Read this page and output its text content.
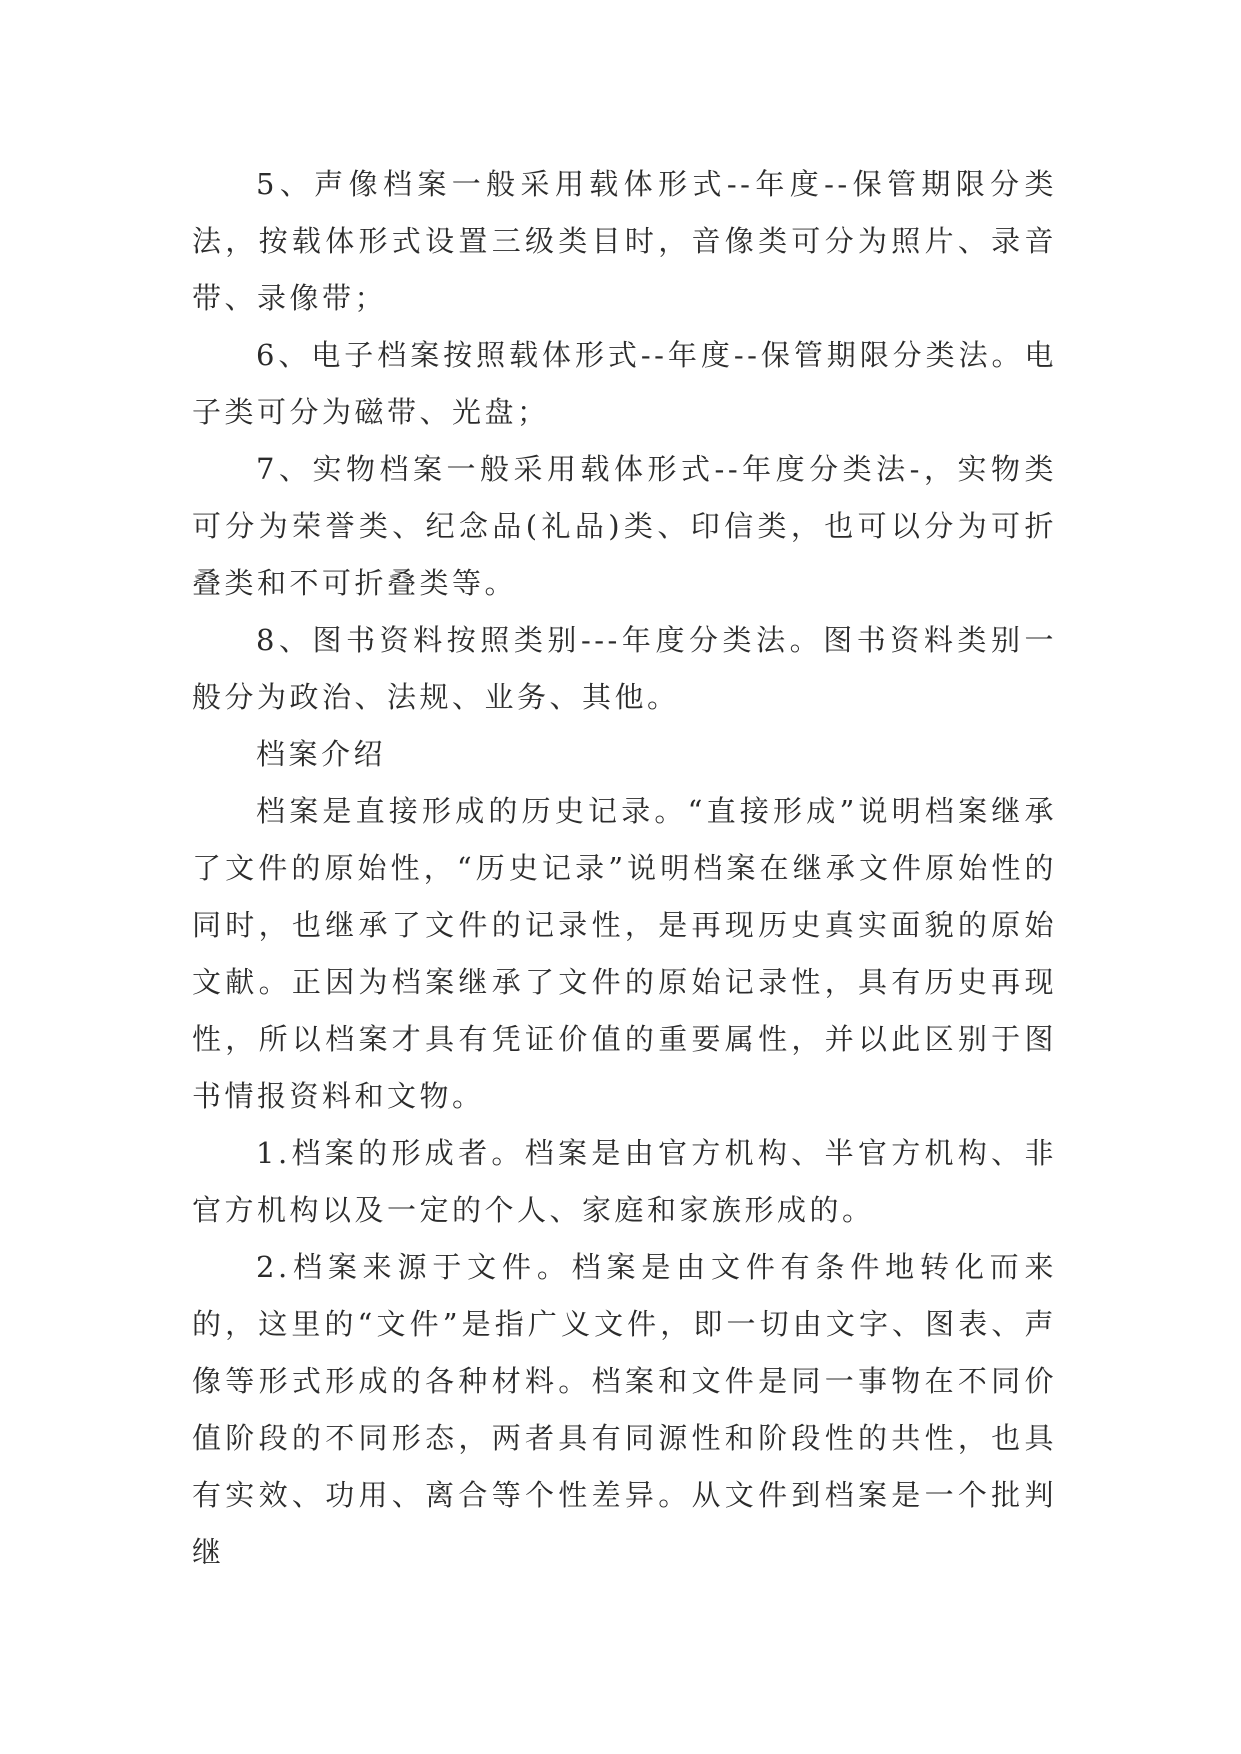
5、声像档案一般采用载体形式--年度--保管期限分类法，按载体形式设置三级类目时，音像类可分为照片、录音带、录像带；

6、电子档案按照载体形式--年度--保管期限分类法。电子类可分为磁带、光盘；

7、实物档案一般采用载体形式--年度分类法-，实物类可分为荣誉类、纪念品(礼品)类、印信类，也可以分为可折叠类和不可折叠类等。

8、图书资料按照类别---年度分类法。图书资料类别一般分为政治、法规、业务、其他。

档案介绍

档案是直接形成的历史记录。“直接形成”说明档案继承了文件的原始性，“历史记录”说明档案在继承文件原始性的同时，也继承了文件的记录性，是再现历史真实面貌的原始文献。正因为档案继承了文件的原始记录性，具有历史再现性，所以档案才具有凭证价值的重要属性，并以此区别于图书情报资料和文物。

1.档案的形成者。档案是由官方机构、半官方机构、非官方机构以及一定的个人、家庭和家族形成的。

2.档案来源于文件。档案是由文件有条件地转化而来的，这里的“文件”是指广义文件，即一切由文字、图表、声像等形式形成的各种材料。档案和文件是同一事物在不同价值阶段的不同形态，两者具有同源性和阶段性的共性，也具有实效、功用、离合等个性差异。从文件到档案是一个批判继
